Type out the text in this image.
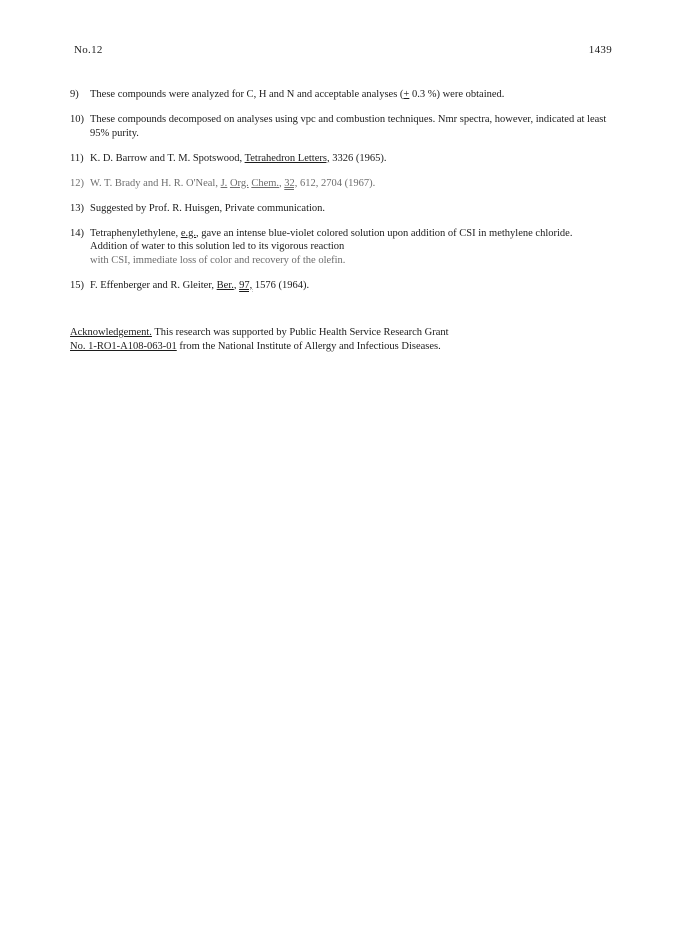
No.12	1439
9)	These compounds were analyzed for C, H and N and acceptable analyses (+ 0.3 %) were obtained.
10) These compounds decomposed on analyses using vpc and combustion techniques. Nmr spectra, however, indicated at least 95% purity.
11) K. D. Barrow and T. M. Spotswood, Tetrahedron Letters, 3326 (1965).
12) W. T. Brady and H. R. O'Neal, J. Org. Chem., 32, 612, 2704 (1967).
13) Suggested by Prof. R. Huisgen, Private communication.
14) Tetraphenylethylene, e.g., gave an intense blue-violet colored solution upon addition of CSI in methylene chloride. Addition of water to this solution led to its vigorous reaction
with CSI, immediate loss of color and recovery of the olefin.
15) F. Effenberger and R. Gleiter, Ber., 97, 1576 (1964).
Acknowledgement. This research was supported by Public Health Service Research Grant
No. 1-RO1-A108-063-01 from the National Institute of Allergy and Infectious Diseases.
